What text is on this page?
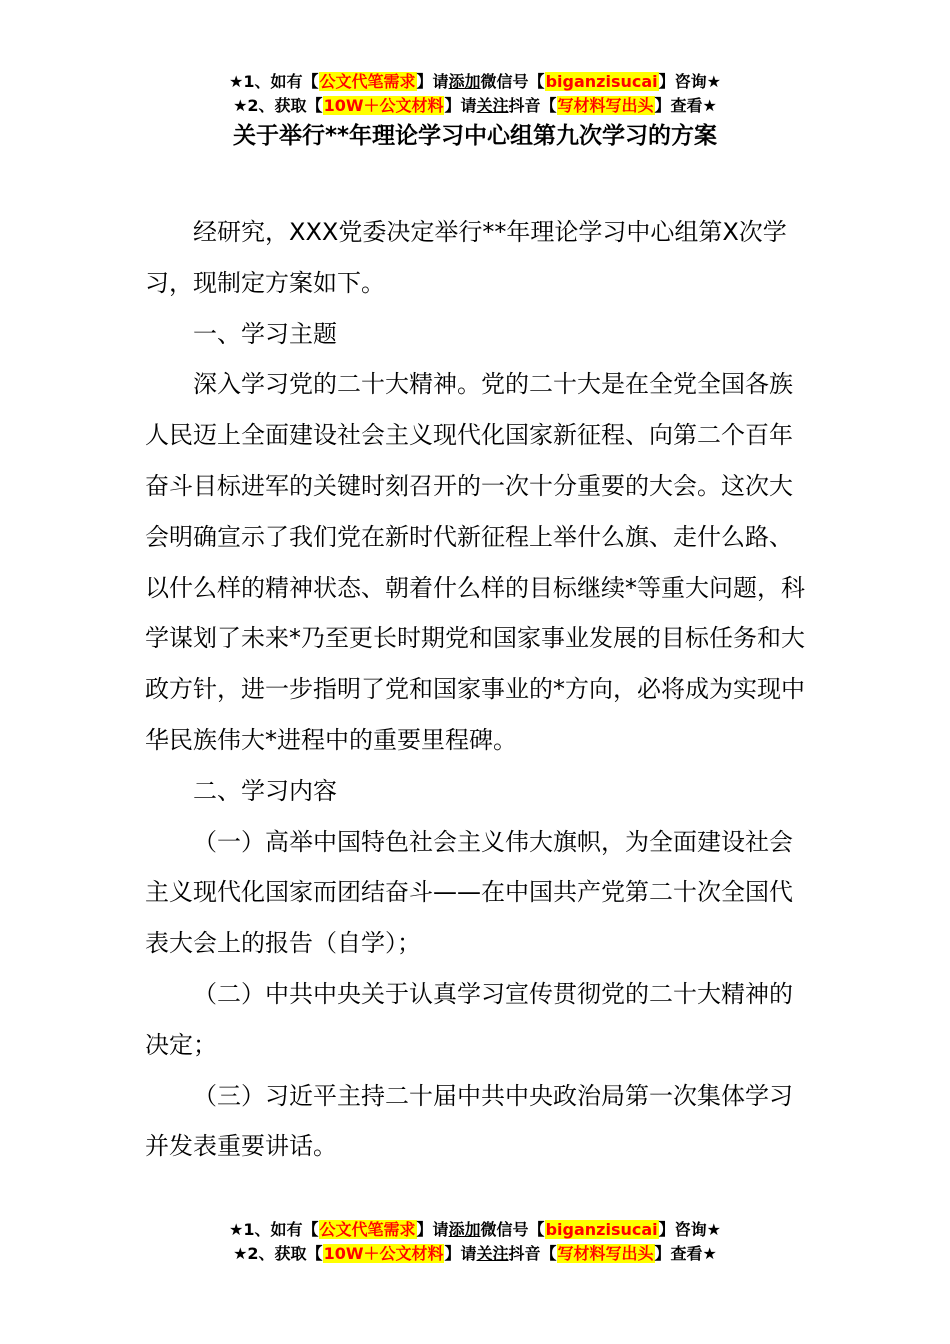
★1、如有【公文代笔需求】请添加微信号【biganzisucai】咨询★
★2、获取【10W＋公文材料】请关注抖音【写材料写出头】查看★
关于举行**年理论学习中心组第九次学习的方案

经研究，XXX党委决定举行**年理论学习中心组第X次学习，现制定方案如下。

一、学习主题

深入学习党的二十大精神。党的二十大是在全党全国各族人民迈上全面建设社会主义现代化国家新征程、向第二个百年奋斗目标进军的关键时刻召开的一次十分重要的大会。这次大会明确宣示了我们党在新时代新征程上举什么旗、走什么路、以什么样的精神状态、朝着什么样的目标继续*等重大问题，科学谋划了未来*乃至更长时期党和国家事业发展的目标任务和大政方针，进一步指明了党和国家事业的*方向，必将成为实现中华民族伟大*进程中的重要里程碑。

二、学习内容

（一）高举中国特色社会主义伟大旗帜，为全面建设社会主义现代化国家而团结奋斗——在中国共产党第二十次全国代表大会上的报告（自学）；

（二）中共中央关于认真学习宣传贯彻党的二十大精神的决定；

（三）习近平主持二十届中共中央政治局第一次集体学习并发表重要讲话。

★1、如有【公文代笔需求】请添加微信号【biganzisucai】咨询★
★2、获取【10W＋公文材料】请关注抖音【写材料写出头】查看★
